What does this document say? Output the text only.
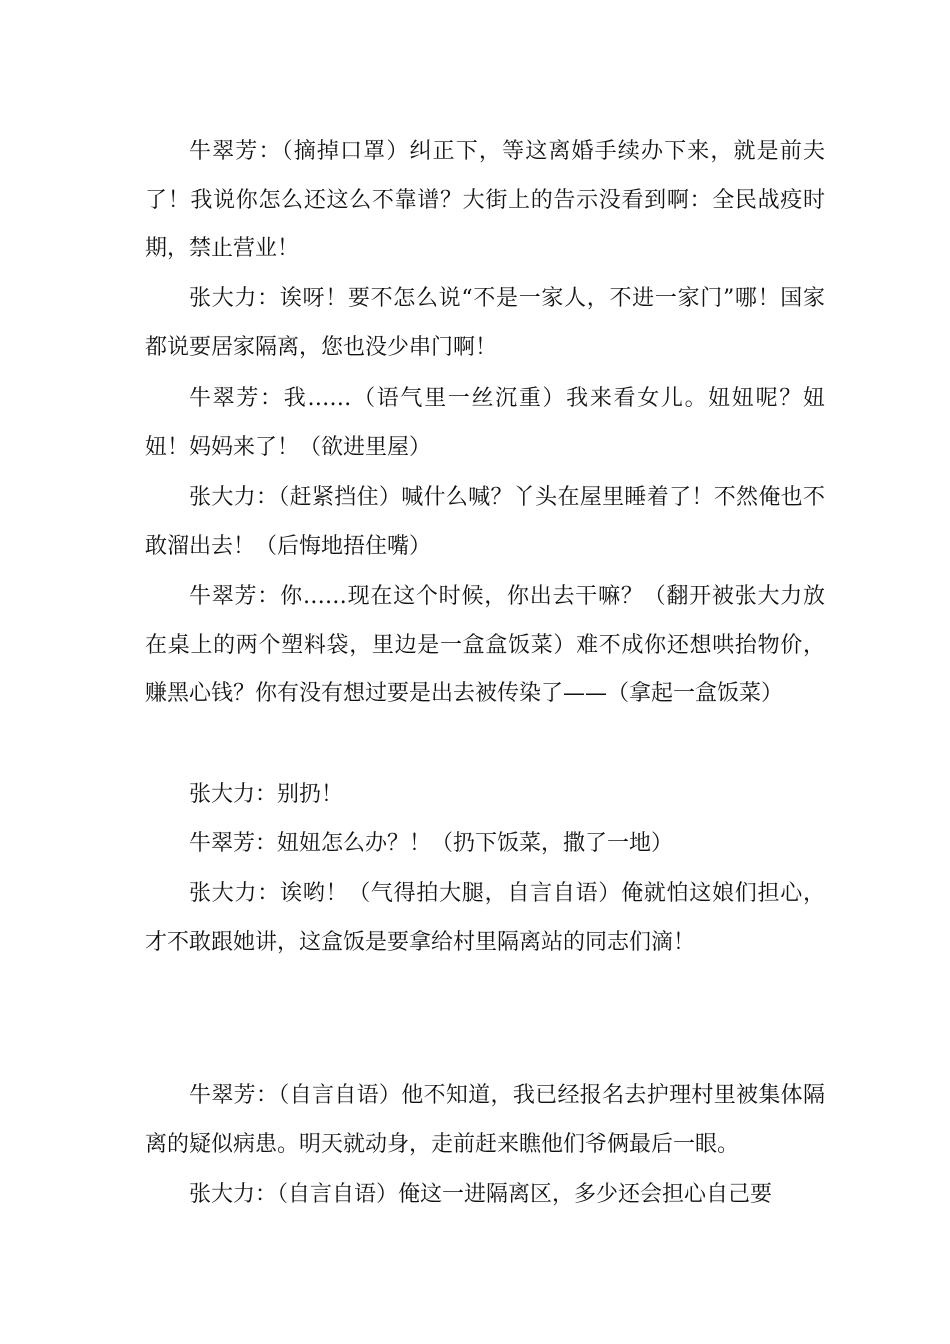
牛翠芳：（摘掉口罩）纠正下，等这离婚手续办下来，就是前夫了！我说你怎么还这么不靠谱？大街上的告示没看到啊：全民战疫时期，禁止营业！

张大力：诶呀！要不怎么说“不是一家人，不进一家门”哪！国家都说要居家隔离，您也没少串门啊！

牛翠芳：我……（语气里一丝沉重）我来看女儿。妞妞呢？妞妞！妈妈来了！（欲进里屋）

张大力：（赶紧挡住）喊什么喊？丫头在屋里睡着了！不然俺也不敢溜出去！（后悔地捂住嘴）

牛翠芳：你……现在这个时候，你出去干嘛？（翻开被张大力放在桌上的两个塑料袋，里边是一盒盒饭菜）难不成你还想哄抬物价，赚黑心钱？你有没有想过要是出去被传染了——（拿起一盒饭菜）

张大力：别扔！

牛翠芳：妞妞怎么办？！（扔下饭菜，撒了一地）

张大力：诶哟！（气得拍大腿，自言自语）俺就怕这娘们担心，才不敢跟她讲，这盒饭是要拿给村里隔离站的同志们滴！

牛翠芳：（自言自语）他不知道，我已经报名去护理村里被集体隔离的疑似病患。明天就动身，走前赶来瞧他们爷俩最后一眼。

张大力：（自言自语）俺这一进隔离区，多少还会担心自己要
